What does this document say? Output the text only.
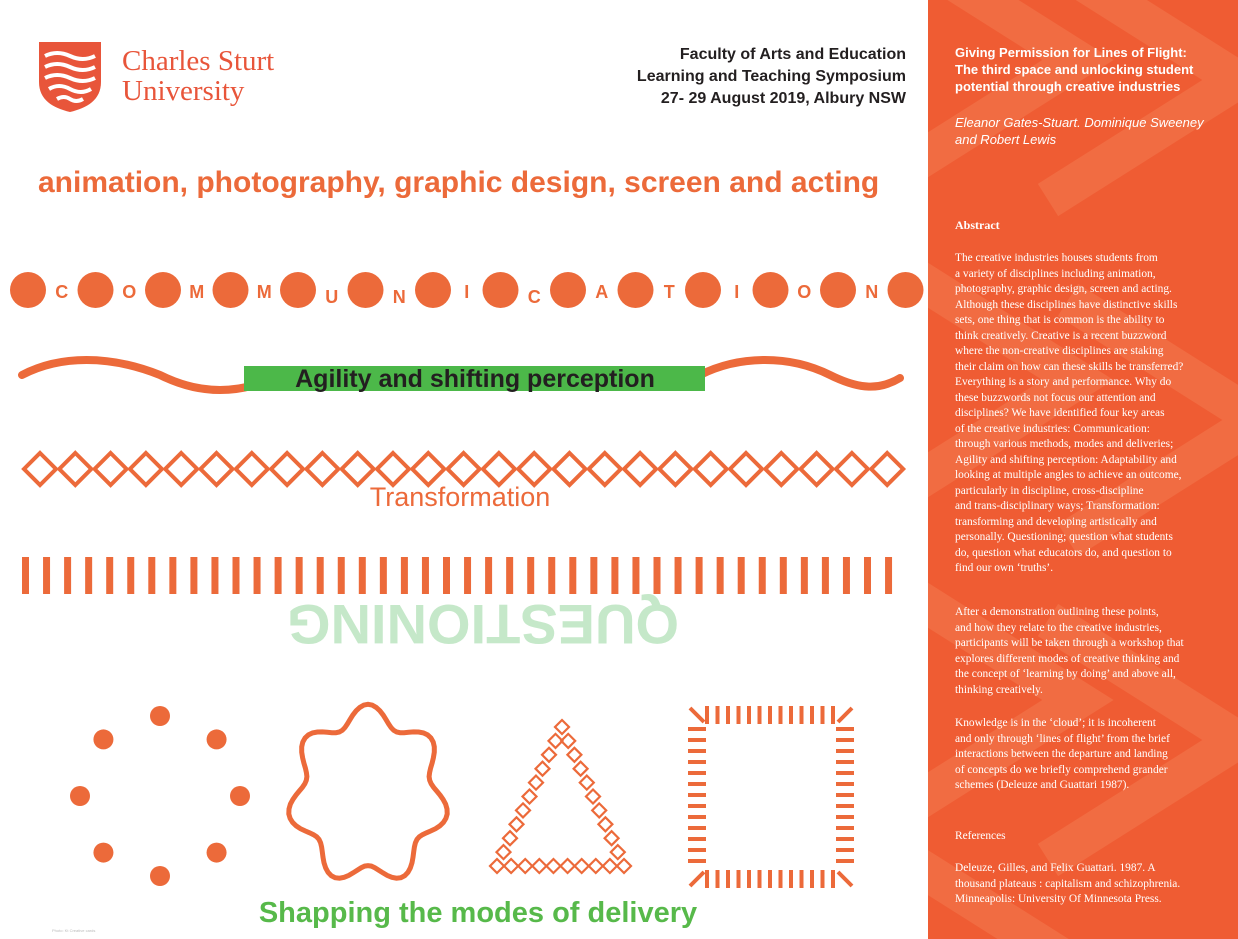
Charles Sturt
University
Faculty of Arts and Education
Learning and Teaching Symposium
27- 29 August 2019, Albury NSW
animation, photography, graphic design, screen and acting
C	O	M	M	U	N	I	C	A	T	I	O	N
Agility and shifting perception
Transformation
QUESTIONING
Shapping the modes of delivery
Photo: Kt Creative cards
Giving Permission for Lines of Flight:
The third space and unlocking student
potential through creative industries
Eleanor Gates-Stuart. Dominique Sweeney
and Robert Lewis
Abstract
The creative industries houses students from
a variety of disciplines including animation,
photography, graphic design, screen and acting.
Although these disciplines have distinctive skills
sets, one thing that is common is the ability to
think creatively. Creative is a recent buzzword
where the non-creative disciplines are staking
their claim on how can these skills be transferred?
Everything is a story and performance. Why do
these buzzwords not focus our attention and
disciplines? We have identified four key areas
of the creative industries: Communication:
through various methods, modes and deliveries;
Agility and shifting perception: Adaptability and
looking at multiple angles to achieve an outcome,
particularly in discipline, cross-discipline
and trans-disciplinary ways; Transformation:
transforming and developing artistically and
personally. Questioning; question what students
do, question what educators do, and question to
find our own ‘truths’.
After a demonstration outlining these points,
and how they relate to the creative industries,
participants will be taken through a workshop that
explores different modes of creative thinking and
the concept of ‘learning by doing’ and above all,
thinking creatively.
Knowledge is in the ‘cloud’; it is incoherent
and only through ‘lines of flight’ from the brief
interactions between the departure and landing
of concepts do we briefly comprehend grander
schemes (Deleuze and Guattari 1987).
References
Deleuze, Gilles, and Felix Guattari. 1987. A
thousand plateaus : capitalism and schizophrenia.
Minneapolis: University Of Minnesota Press.
